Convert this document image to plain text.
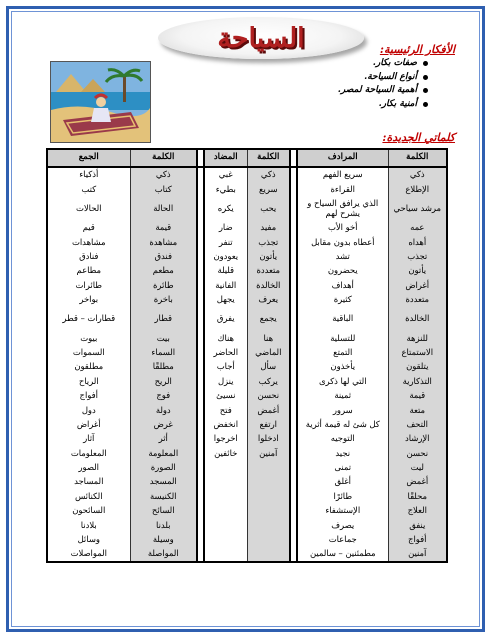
السياحة	الأفكار الرئيسية:
صفات بكار.
أنواع السياحة.
أهمية السياحة لمصر.
أمنية بكار.
كلماتي الجديدة:
الكلمة	المرادف		الكلمة	المضاد		الكلمة	الجمع
ذكي	سريع الفهم		ذكي	غبي		ذكي	أذكياء
الإطلاع	القراءة		سريع	بطيء		كتاب	كتب
مرشد سياحي	الذي يرافق السياح و يشرح لهم		يحب	يكره		الحالة	الحالات
عمه	أخو الأب		مفيد	ضار		قيمة	قيم
أهداه	أعطاه بدون مقابل		تجذب	تنفر		مشاهدة	مشاهدات
تجذب	تشد		يأتون	يعودون		فندق	فنادق
يأتون	يحضرون		متعددة	قليلة		مطعم	مطاعم
أغراض	أهداف		الخالدة	الفانية		طائرة	طائرات
متعددة	كثيرة		يعرف	يجهل		باخرة	بواخر
الخالدة	الباقية		يجمع	يفرق		قطار	قطارات – قطر
للنزهة	للتسلية		هنا	هناك		بيت	بيوت
الاستمتاع	التمتع		الماضي	الحاضر		السماء	السموات
يتلقون	يأخذون		سأل	أجاب		مطلقًا	مطلقون
التذكارية	التي لها ذكرى		يركب	ينزل		الريح	الرياح
قيمة	ثمينة		نحسن	نسيئ		فوج	أفواج
متعة	سرور		أغمض	فتح		دولة	دول
التحف	كل شئ له قيمة أثرية		ارتفع	انخفض		غرض	أغراض
الإرشاد	التوجيه		ادخلوا	اخرجوا		أثر	آثار
نحسن	نجيد		آمنين	خائفين		المعلومة	المعلومات
ليت	تمنى					الصورة	الصور
أغمض	أغلق					المسجد	المساجد
محلقًا	طائرًا					الكنيسة	الكنائس
العلاج	الإستشفاء					السائح	السائحون
ينفق	يصرف					بلدنا	بلادنا
أفواج	جماعات					وسيلة	وسائل
آمنين	مطمئنين – سالمين					المواصلة	المواصلات
